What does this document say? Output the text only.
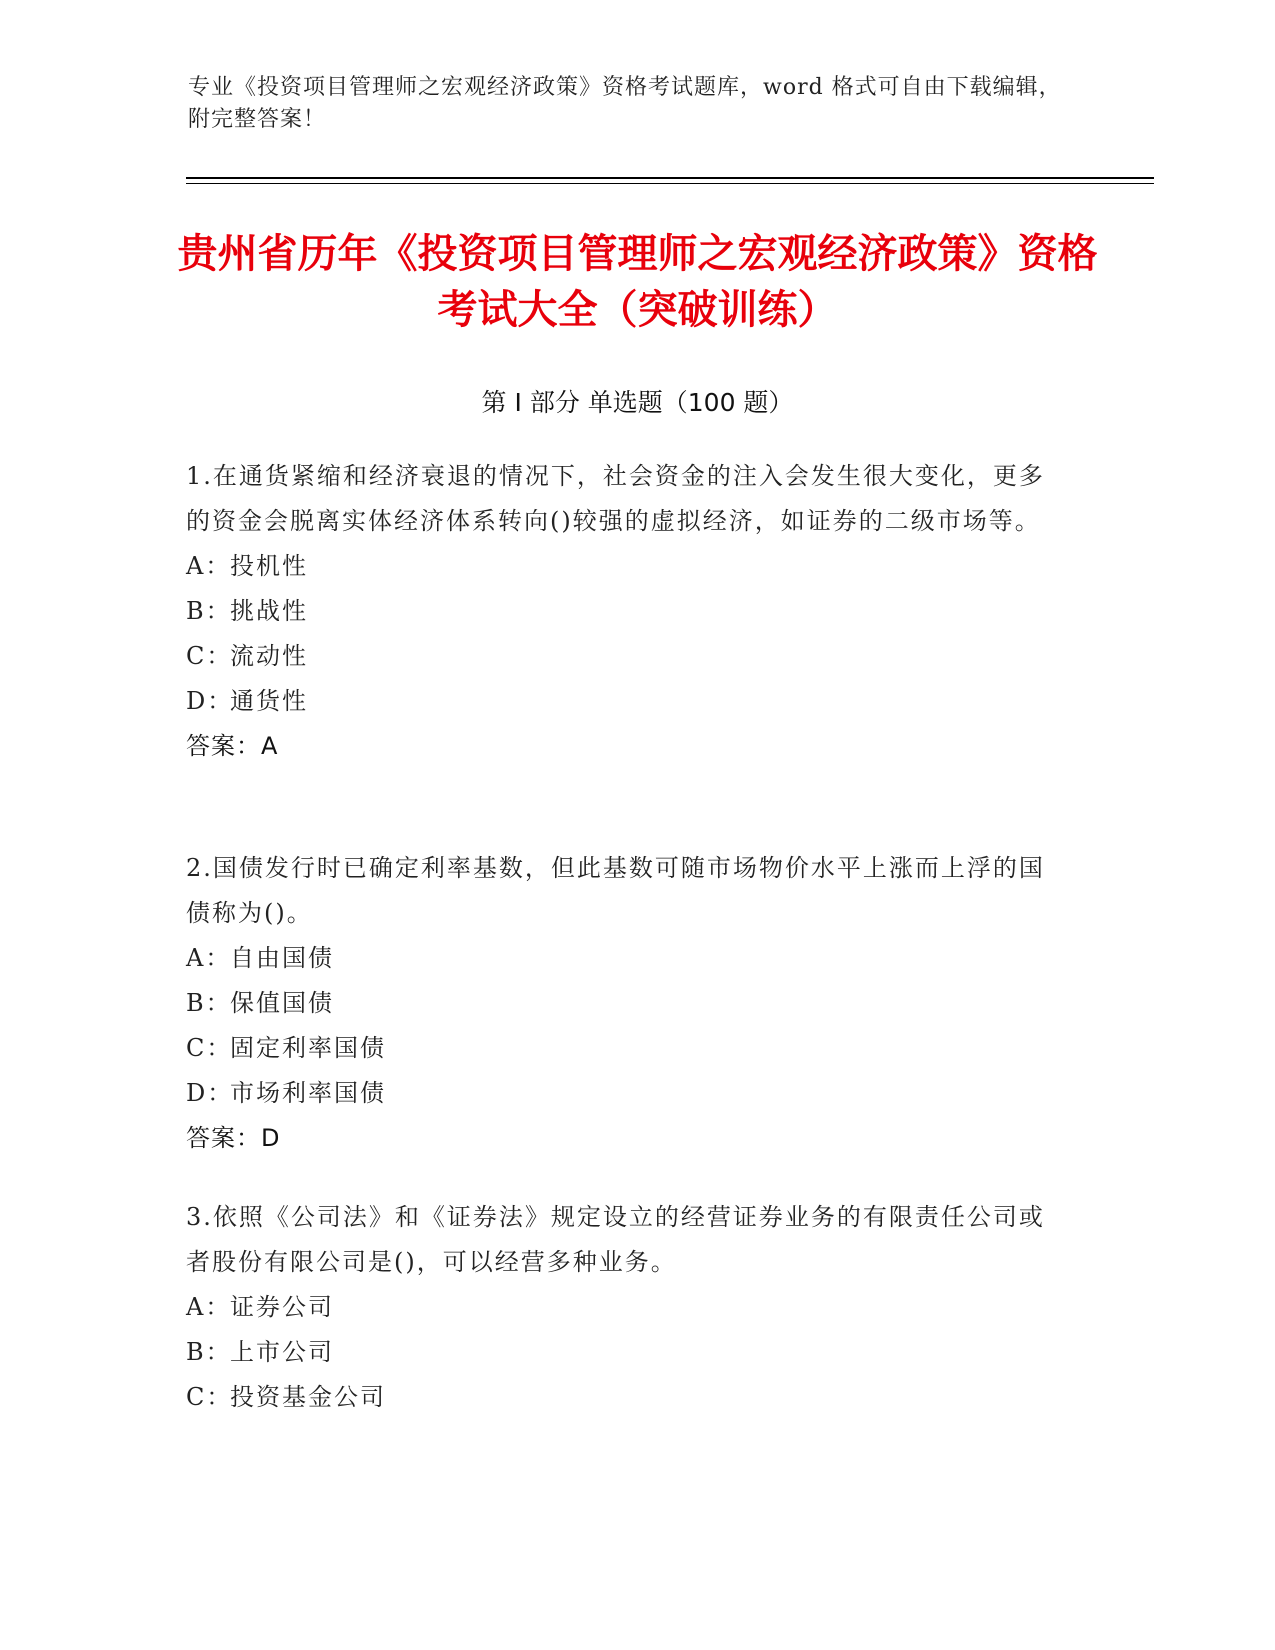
专业《投资项目管理师之宏观经济政策》资格考试题库，word 格式可自由下载编辑，附完整答案！
贵州省历年《投资项目管理师之宏观经济政策》资格考试大全（突破训练）
第 I 部分 单选题（100 题）

1.在通货紧缩和经济衰退的情况下，社会资金的注入会发生很大变化，更多的资金会脱离实体经济体系转向()较强的虚拟经济，如证券的二级市场等。

A：
投机性

B：
挑战性

C：
流动性

D：
通货性

答案：A

2.国债发行时已确定利率基数，但此基数可随市场物价水平上涨而上浮的国债称为()。

A：
自由国债

B：
保值国债

C：
固定利率国债

D：
市场利率国债

答案：D

3.依照《公司法》和《证券法》规定设立的经营证券业务的有限责任公司或者股份有限公司是()，可以经营多种业务。

A：
证券公司

B：
上市公司

C：
投资基金公司
